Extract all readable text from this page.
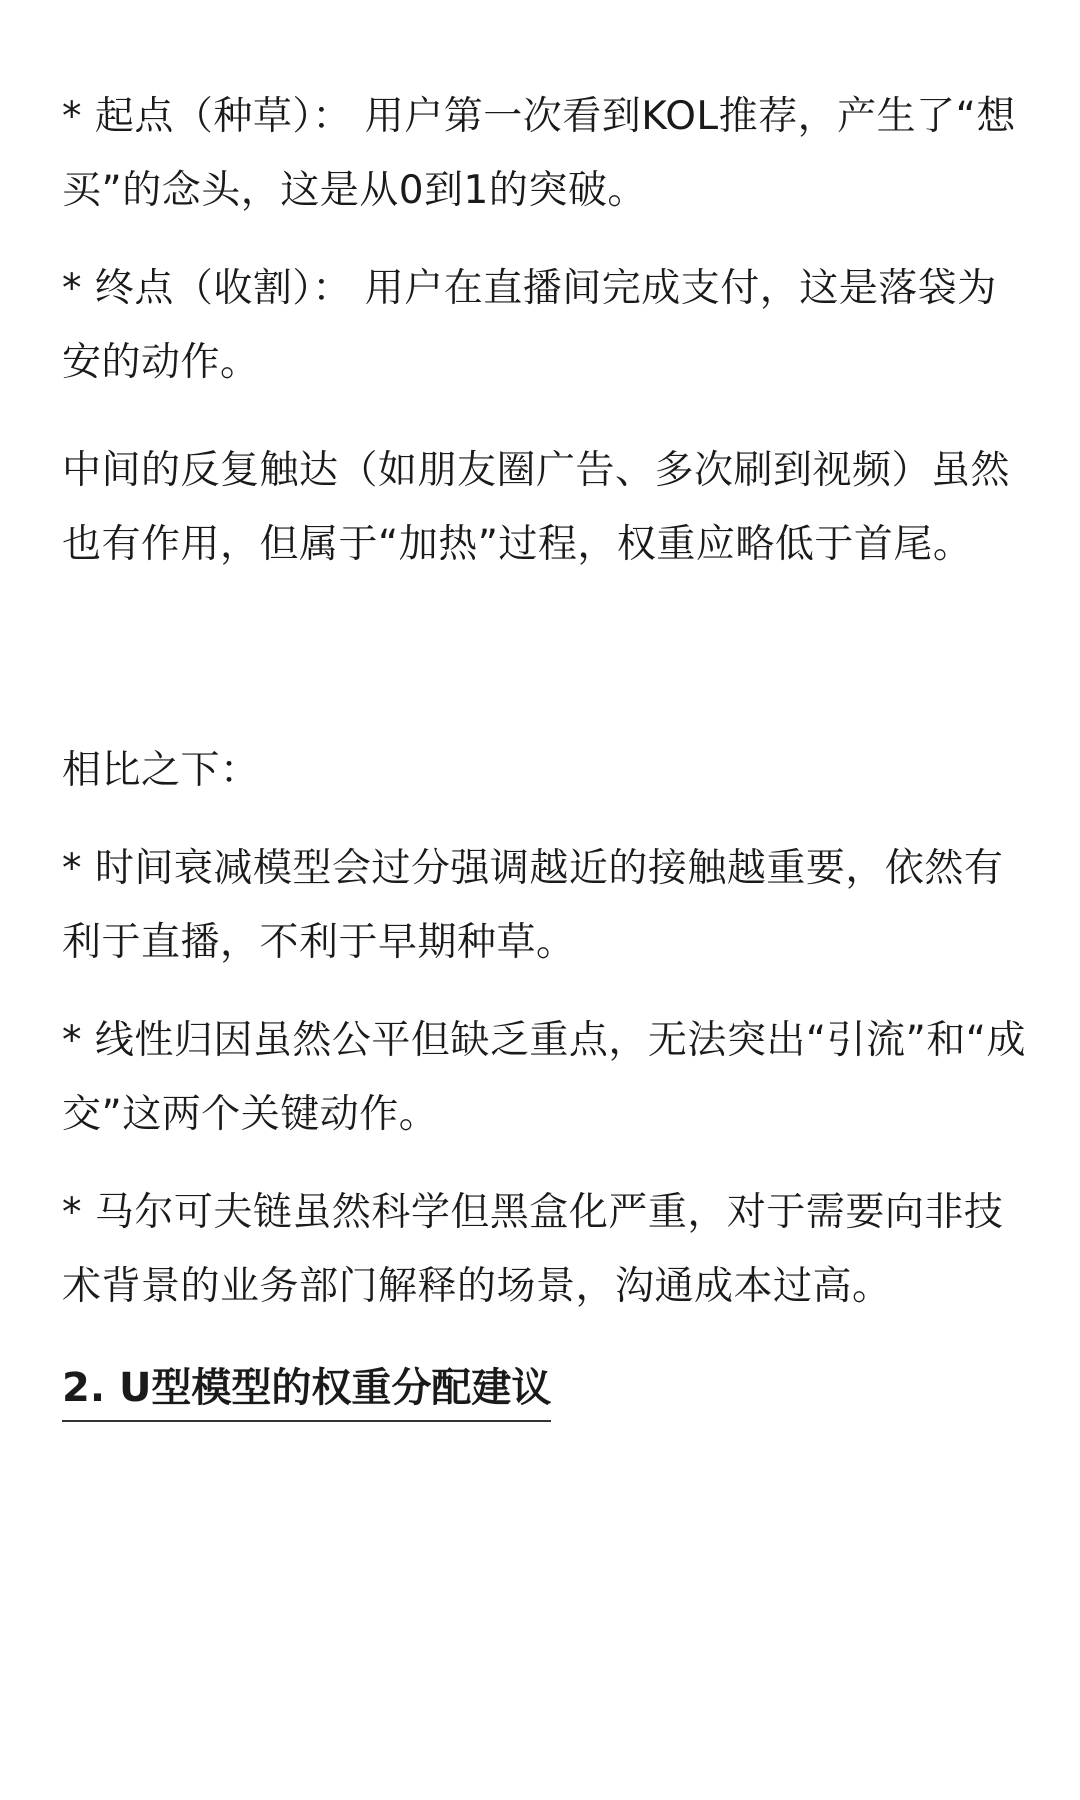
* 起点（种草）： 用户第一次看到KOL推荐，产生了“想买”的念头，这是从0到1的突破。

* 终点（收割）： 用户在直播间完成支付，这是落袋为安的动作。

中间的反复触达（如朋友圈广告、多次刷到视频）虽然也有作用，但属于“加热”过程，权重应略低于首尾。

相比之下：

* 时间衰减模型会过分强调越近的接触越重要，依然有利于直播，不利于早期种草。

* 线性归因虽然公平但缺乏重点，无法突出“引流”和“成交”这两个关键动作。

* 马尔可夫链虽然科学但黑盒化严重，对于需要向非技术背景的业务部门解释的场景，沟通成本过高。

2. U型模型的权重分配建议
